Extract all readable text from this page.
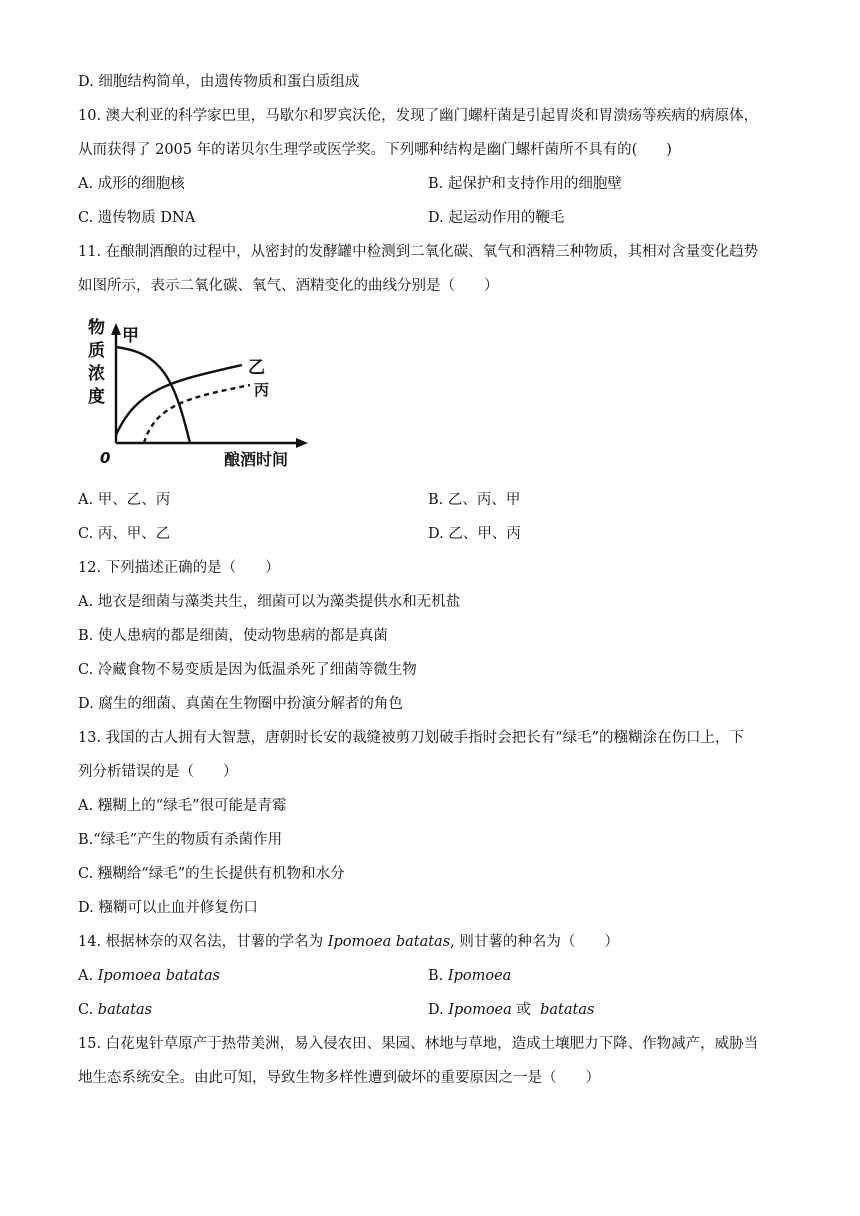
D. 细胞结构简单，由遗传物质和蛋白质组成
10. 澳大利亚的科学家巴里，马歇尔和罗宾沃伦，发现了幽门螺杆菌是引起胃炎和胃溃疡等疾病的病原体，
从而获得了 2005 年的诺贝尔生理学或医学奖。下列哪种结构是幽门螺杆菌所不具有的(　　)
A. 成形的细胞核	B. 起保护和支持作用的细胞壁
C. 遗传物质 DNA	D. 起运动作用的鞭毛
11. 在酿制酒酿的过程中，从密封的发酵罐中检测到二氧化碳、氧气和酒精三种物质，其相对含量变化趋势
如图所示，表示二氧化碳、氧气、酒精变化的曲线分别是（　　）
物
质
浓
度
甲
乙
丙
0	酿酒时间
A. 甲、乙、丙	B. 乙、丙、甲
C. 丙、甲、乙	D. 乙、甲、丙
12. 下列描述正确的是（　　）
A. 地衣是细菌与藻类共生，细菌可以为藻类提供水和无机盐
B. 使人患病的都是细菌，使动物患病的都是真菌
C. 冷藏食物不易变质是因为低温杀死了细菌等微生物
D. 腐生的细菌、真菌在生物圈中扮演分解者的角色
13. 我国的古人拥有大智慧，唐朝时长安的裁缝被剪刀划破手指时会把长有“绿毛”的糨糊涂在伤口上，下
列分析错误的是（　　）
A. 糨糊上的“绿毛”很可能是青霉
B.“绿毛”产生的物质有杀菌作用
C. 糨糊给“绿毛”的生长提供有机物和水分
D. 糨糊可以止血并修复伤口
14. 根据林奈的双名法，甘薯的学名为 Ipomoea batatas, 则甘薯的种名为（　　）
A. Ipomoea batatas	B. Ipomoea
C. batatas	D. Ipomoea 或  batatas
15. 白花鬼针草原产于热带美洲，易入侵农田、果园、林地与草地，造成土壤肥力下降、作物减产，威胁当
地生态系统安全。由此可知，导致生物多样性遭到破坏的重要原因之一是（　　）
